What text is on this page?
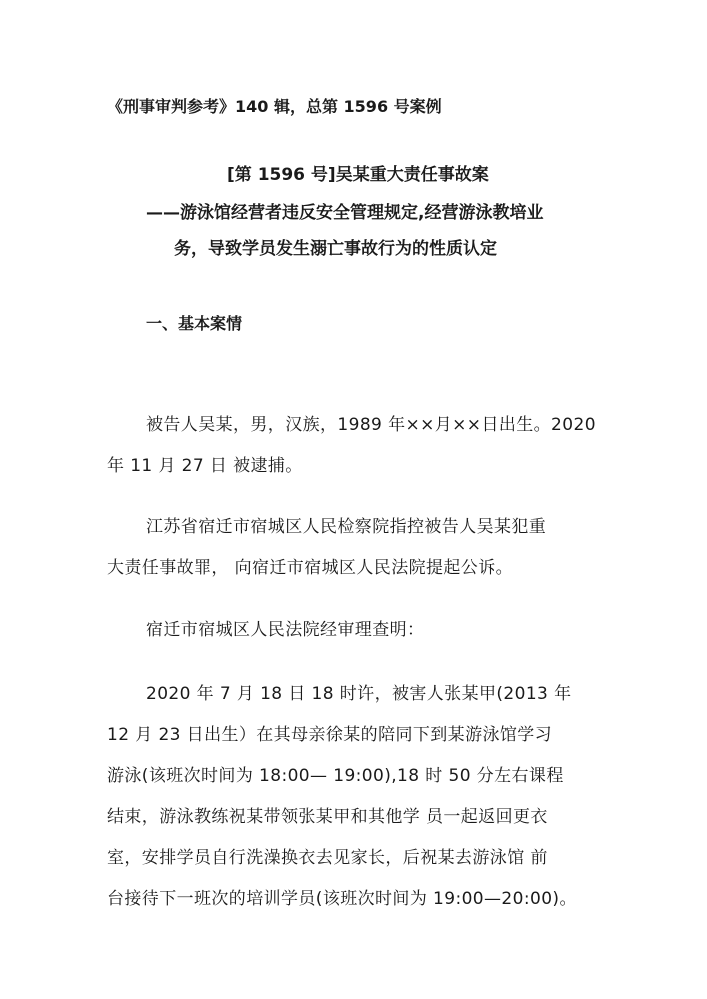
《刑事审判参考》140 辑，总第 1596 号案例
[第 1596 号]吴某重大责任事故案
——游泳馆经营者违反安全管理规定,经营游泳教培业
务，导致学员发生溺亡事故行为的性质认定
一、基本案情
被告人吴某，男，汉族，1989 年××月××日出生。2020
年 11 月 27 日 被逮捕。
江苏省宿迁市宿城区人民检察院指控被告人吴某犯重
大责任事故罪， 向宿迁市宿城区人民法院提起公诉。
宿迁市宿城区人民法院经审理查明：
2020 年 7 月 18 日 18 时许，被害人张某甲(2013 年
12 月 23 日出生）在其母亲徐某的陪同下到某游泳馆学习
游泳(该班次时间为 18:00— 19:00),18 时 50 分左右课程
结束，游泳教练祝某带领张某甲和其他学 员一起返回更衣
室，安排学员自行洗澡换衣去见家长，后祝某去游泳馆 前
台接待下一班次的培训学员(该班次时间为 19:00—20:00)。
